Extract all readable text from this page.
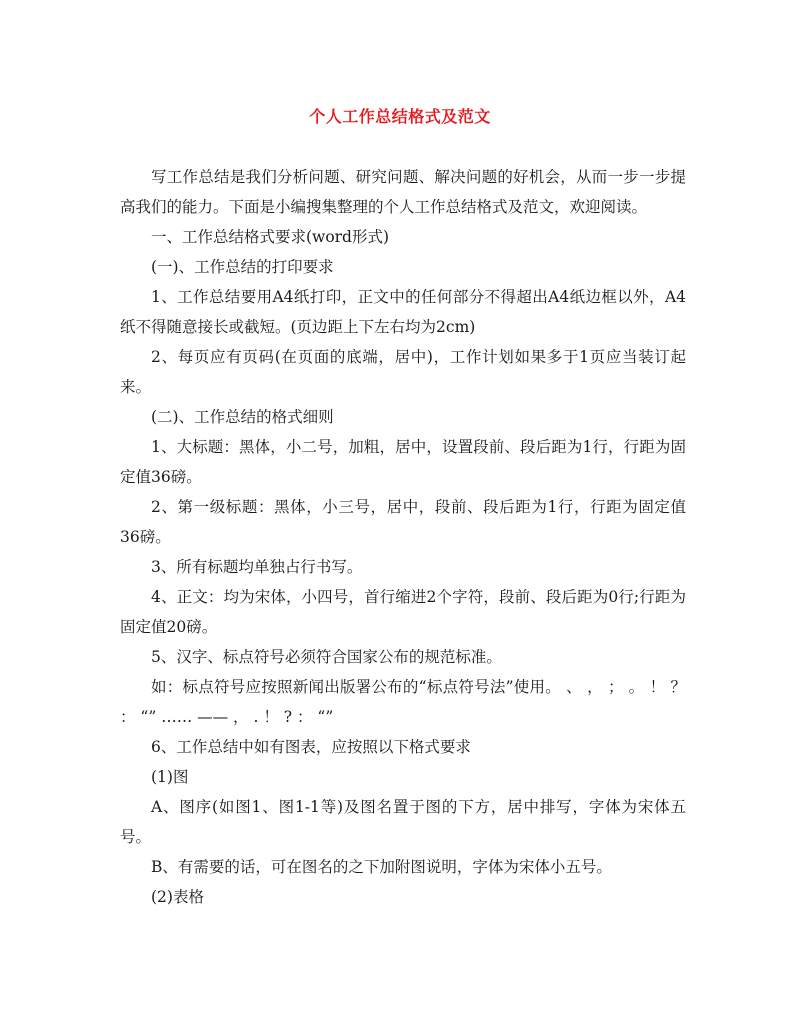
个人工作总结格式及范文

写工作总结是我们分析问题、研究问题、解决问题的好机会，从而一步一步提高我们的能力。下面是小编搜集整理的个人工作总结格式及范文，欢迎阅读。

一、工作总结格式要求(word形式)

(一)、工作总结的打印要求

1、工作总结要用A4纸打印，正文中的任何部分不得超出A4纸边框以外，A4纸不得随意接长或截短。(页边距上下左右均为2cm)

2、每页应有页码(在页面的底端，居中)，工作计划如果多于1页应当装订起来。

(二)、工作总结的格式细则

1、大标题：黑体，小二号，加粗，居中，设置段前、段后距为1行，行距为固定值36磅。

2、第一级标题：黑体，小三号，居中，段前、段后距为1行，行距为固定值36磅。

3、所有标题均单独占行书写。

4、正文：均为宋体，小四号，首行缩进2个字符，段前、段后距为0行;行距为固定值20磅。

5、汉字、标点符号必须符合国家公布的规范标准。

如：标点符号应按照新闻出版署公布的“标点符号法”使用。 、 ， ； 。 ！ ？ ： “” …… —— ， . ！ ? ： “”

6、工作总结中如有图表，应按照以下格式要求

(1)图

A、图序(如图1、图1-1等)及图名置于图的下方，居中排写，字体为宋体五号。

B、有需要的话，可在图名的之下加附图说明，字体为宋体小五号。

(2)表格
